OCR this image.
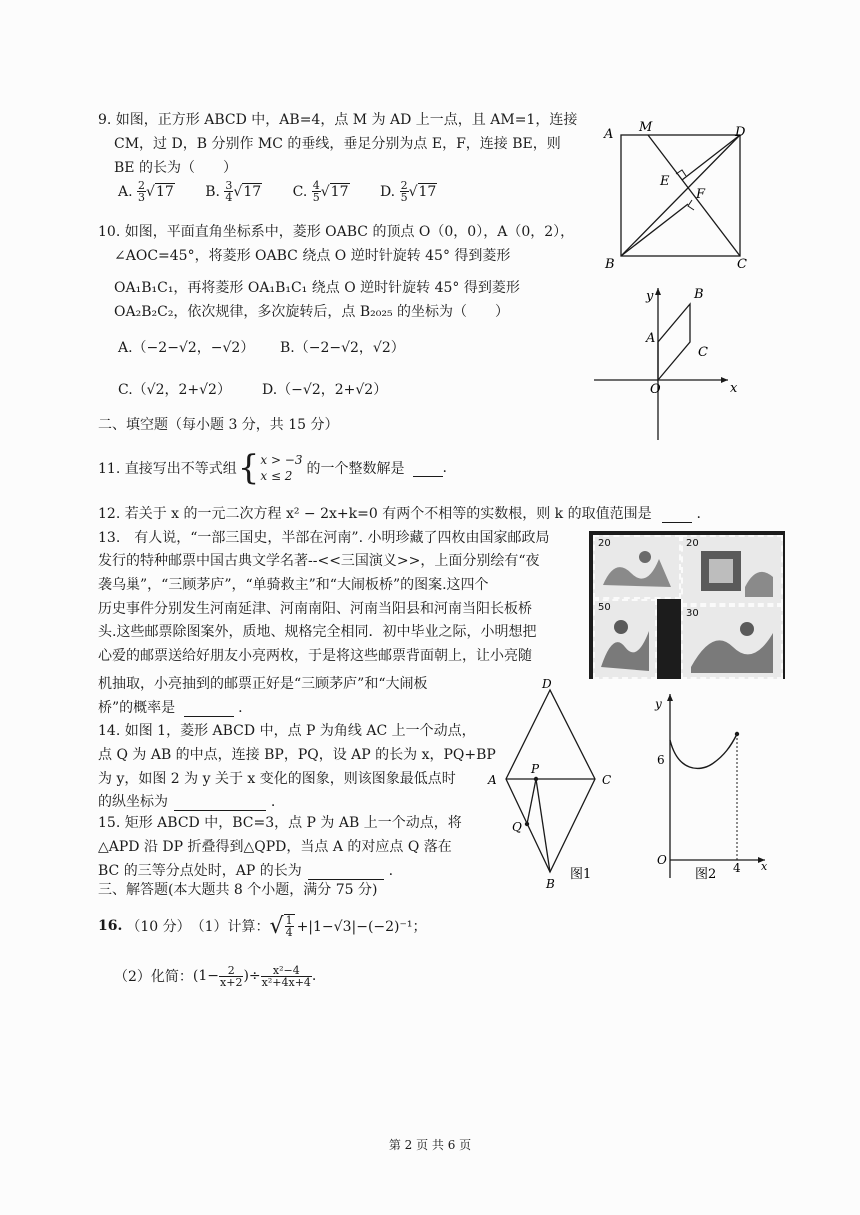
9. 如图，正方形 ABCD 中，AB=4，点 M 为 AD 上一点，且 AM=1，连接
CM，过 D，B 分别作 MC 的垂线，垂足分别为点 E，F，连接 BE，则
BE 的长为（　　）
A. $\frac{2}{3} √17$ B. $\frac{3}{4} √17$ C. $\frac{4}{5} √17$ D. $\frac{2}{5} √17$
A M	D
E
F
B	C
10. 如图，平面直角坐标系中，菱形 OABC 的顶点 O（0，0），A（0，2），
∠AOC=45°，将菱形 OABC 绕点 O 逆时针旋转 45° 得到菱形
OA₁B₁C₁，再将菱形 OA₁B₁C₁ 绕点 O 逆时针旋转 45° 得到菱形
OA₂B₂C₂，依次规律，多次旋转后，点 B₂₀₂₅ 的坐标为（　　）
A.（−2−√2，−√2） B.（−2−√2，√2）
C.（√2，2+√2） D.（−√2，2+√2）
y	B
A
C
O	x
二、填空题（每小题 3 分，共 15 分）
11. 直接写出不等式组 { x > −3
x ≤ 2	的一个整数解是
	.
12. 若关于 x 的一元二次方程 x² − 2x+k=0 有两个不相等的实数根，则 k 的取值范围是	.
13.　有人说，“一部三国史，半部在河南”. 小明珍藏了四枚由国家邮政局
发行的特种邮票中国古典文学名著--<<三国演义>>，上面分别绘有“夜
袭乌巢”，“三顾茅庐”，“单骑救主”和“大闹板桥”的图案.这四个
历史事件分别发生河南延津、河南南阳、河南当阳县和河南当阳长板桥
头.这些邮票除图案外，质地、规格完全相同．初中毕业之际，小明想把
心爱的邮票送给好朋友小亮两枚，于是将这些邮票背面朝上，让小亮随
20	20
50
30
机抽取，小亮抽到的邮票正好是“三顾茅庐”和“大闹板
桥”的概率是	.
14. 如图 1，菱形 ABCD 中，点 P 为角线 AC 上一个动点，
点 Q 为 AB 的中点，连接 BP，PQ，设 AP 的长为 x，PQ+BP
为 y，如图 2 为 y 关于 x 变化的图象，则该图象最低点时
的纵坐标为	.
15. 矩形 ABCD 中，BC=3，点 P 为 AB 上一个动点，将
△APD 沿 DP 折叠得到△QPD，当点 A 的对应点 Q 落在
BC 的三等分点处时，AP 的长为	.
D
P
A	C
Q
B
图1
y
6
O
4 x
图2
三、解答题(本大题共 8 个小题，满分 75 分)
16. （10 分） （1）计算： √ $\frac{1}{4} +|1-√3|-(-2)^{-1}$；
（2）化简： ($1- \frac{2}{x+2}$ )÷ $\frac{\text{x²−4}}{\text{x²+4x+4}}$ .
第 2 页 共 6 页
